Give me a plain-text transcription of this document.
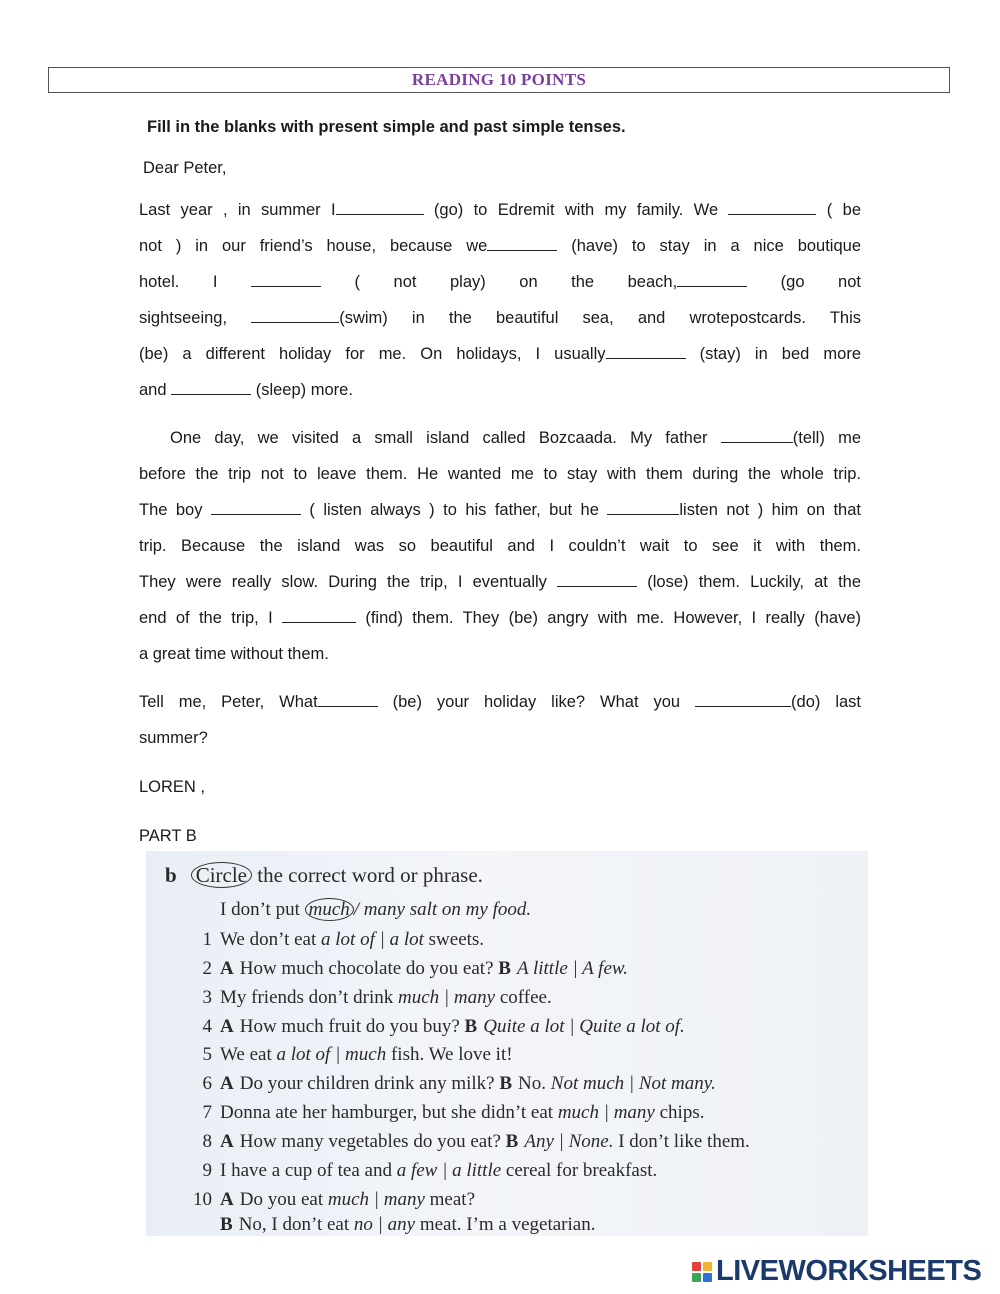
READING 10 POINTS
Fill in the blanks with present simple and past simple tenses.
Dear Peter,
Last year , in summer I	(go) to Edremit with my family. We	( be
not ) in our friend’s house, because we	(have) to stay in a nice boutique
hotel. I	( not play) on the beach,	(go not
sightseeing,	(swim) in the beautiful sea, and wrotepostcards. This
(be) a different holiday for me. On holidays, I usually	(stay) in bed more
and	(sleep) more.
One day, we visited a small island called Bozcaada. My father	(tell) me
before the trip not to leave them. He wanted me to stay with them during the whole trip.
The boy	( listen always ) to his father, but he	listen not ) him on that
trip. Because the island was so beautiful and I couldn’t wait to see it with them.
They were really slow. During the trip, I eventually	(lose) them. Luckily, at the
end of the trip, I	(find) them. They (be) angry with me. However, I really (have)
a great time without them.
Tell me, Peter, What	(be) your holiday like? What you	(do) last
summer?
LOREN ,
PART B
b Circle the correct word or phrase.
I don’t put much / many salt on my food.
1 We don’t eat a lot of | a lot sweets.
2 A How much chocolate do you eat? B A little | A few.
3 My friends don’t drink much | many coffee.
4 A How much fruit do you buy? B Quite a lot | Quite a lot of.
5 We eat a lot of | much fish. We love it!
6 A Do your children drink any milk? B No. Not much | Not many.
7 Donna ate her hamburger, but she didn’t eat much | many chips.
8 A How many vegetables do you eat? B Any | None. I don’t like them.
9 I have a cup of tea and a few | a little cereal for breakfast.
10 A Do you eat much | many meat?
B No, I don’t eat no | any meat. I’m a vegetarian.
LIVEWORKSHEETS
